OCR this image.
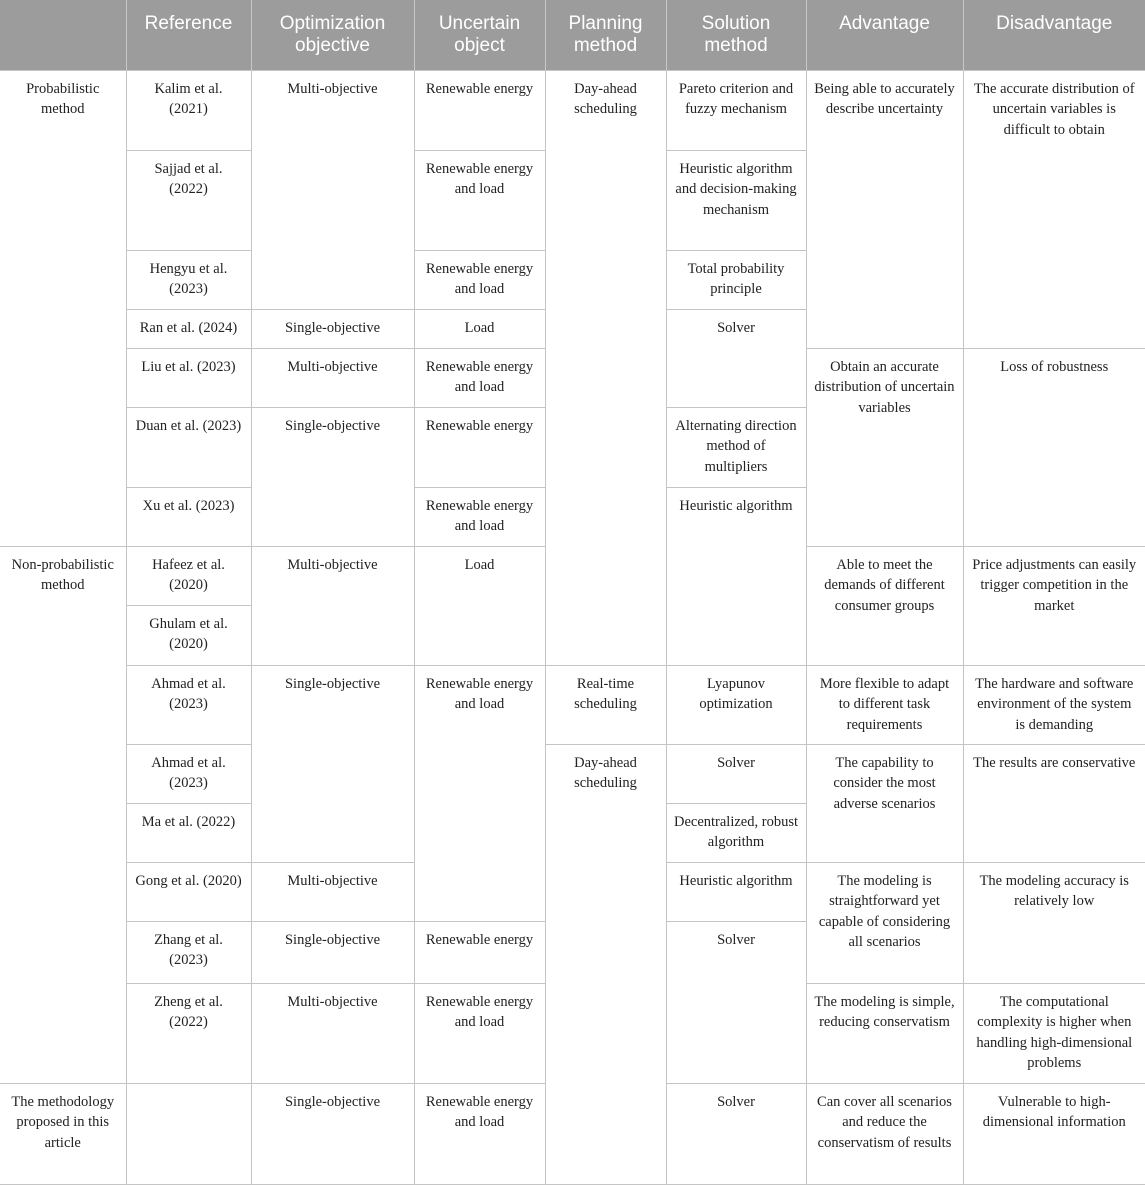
	Reference	Optimization objective	Uncertain object	Planning method	Solution method	Advantage	Disadvantage
Probabilistic method	Kalim et al. (2021)	Multi-objective	Renewable energy	Day-ahead scheduling	Pareto criterion and fuzzy mechanism	Being able to accurately describe uncertainty	The accurate distribution of uncertain variables is difficult to obtain
	Sajjad et al. (2022)		Renewable energy and load		Heuristic algorithm and decision-making mechanism		
	Hengyu et al. (2023)		Renewable energy and load		Total probability principle		
	Ran et al. (2024)	Single-objective	Load		Solver		
	Liu et al. (2023)	Multi-objective	Renewable energy and load			Obtain an accurate distribution of uncertain variables	Loss of robustness
	Duan et al. (2023)	Single-objective	Renewable energy		Alternating direction method of multipliers		
	Xu et al. (2023)		Renewable energy and load		Heuristic algorithm		
Non-probabilistic method	Hafeez et al. (2020)	Multi-objective	Load			Able to meet the demands of different consumer groups	Price adjustments can easily trigger competition in the market
	Ghulam et al. (2020)						
	Ahmad et al. (2023)	Single-objective	Renewable energy and load	Real-time scheduling	Lyapunov optimization	More flexible to adapt to different task requirements	The hardware and software environment of the system is demanding
	Ahmad et al. (2023)			Day-ahead scheduling	Solver	The capability to consider the most adverse scenarios	The results are conservative
	Ma et al. (2022)				Decentralized, robust algorithm		
	Gong et al. (2020)	Multi-objective			Heuristic algorithm	The modeling is straightforward yet capable of considering all scenarios	The modeling accuracy is relatively low
	Zhang et al. (2023)	Single-objective	Renewable energy		Solver		
	Zheng et al. (2022)	Multi-objective	Renewable energy and load			The modeling is simple, reducing conservatism	The computational complexity is higher when handling high-dimensional problems
The methodology proposed in this article		Single-objective	Renewable energy and load		Solver	Can cover all scenarios and reduce the conservatism of results	Vulnerable to high-dimensional information
